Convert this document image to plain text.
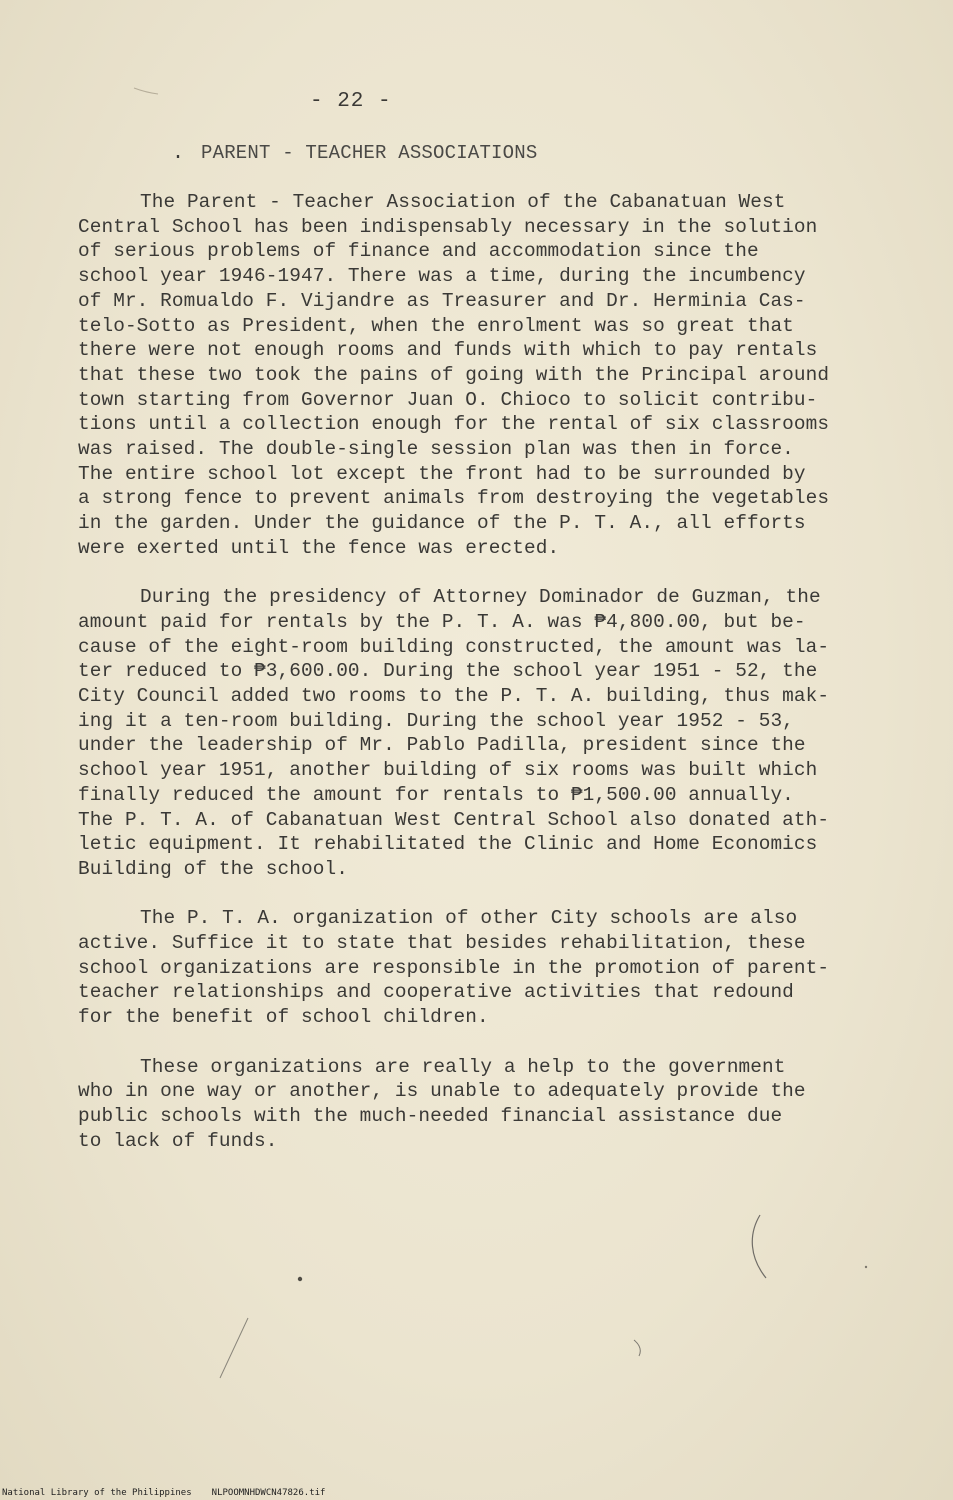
- 22 -
. PARENT - TEACHER ASSOCIATIONS

The Parent - Teacher Association of the Cabanatuan West
Central School has been indispensably necessary in the solution
of serious problems of finance and accommodation since the
school year 1946-1947. There was a time, during the incumbency
of Mr. Romualdo F. Vijandre as Treasurer and Dr. Herminia Cas-
telo-Sotto as President, when the enrolment was so great that
there were not enough rooms and funds with which to pay rentals
that these two took the pains of going with the Principal around
town starting from Governor Juan O. Chioco to solicit contribu-
tions until a collection enough for the rental of six classrooms
was raised. The double-single session plan was then in force.
The entire school lot except the front had to be surrounded by
a strong fence to prevent animals from destroying the vegetables
in the garden. Under the guidance of the P. T. A., all efforts
were exerted until the fence was erected.

During the presidency of Attorney Dominador de Guzman, the
amount paid for rentals by the P. T. A. was ₱4,800.00, but be-
cause of the eight-room building constructed, the amount was la-
ter reduced to ₱3,600.00. During the school year 1951 - 52, the
City Council added two rooms to the P. T. A. building, thus mak-
ing it a ten-room building. During the school year 1952 - 53,
under the leadership of Mr. Pablo Padilla, president since the
school year 1951, another building of six rooms was built which
finally reduced the amount for rentals to ₱1,500.00 annually.
The P. T. A. of Cabanatuan West Central School also donated ath-
letic equipment. It rehabilitated the Clinic and Home Economics
Building of the school.

The P. T. A. organization of other City schools are also
active. Suffice it to state that besides rehabilitation, these
school organizations are responsible in the promotion of parent-
teacher relationships and cooperative activities that redound
for the benefit of school children.

These organizations are really a help to the government
who in one way or another, is unable to adequately provide the
public schools with the much-needed financial assistance due
to lack of funds.

National Library of the Philippines NLPOOMNHDWCN47826.tif
